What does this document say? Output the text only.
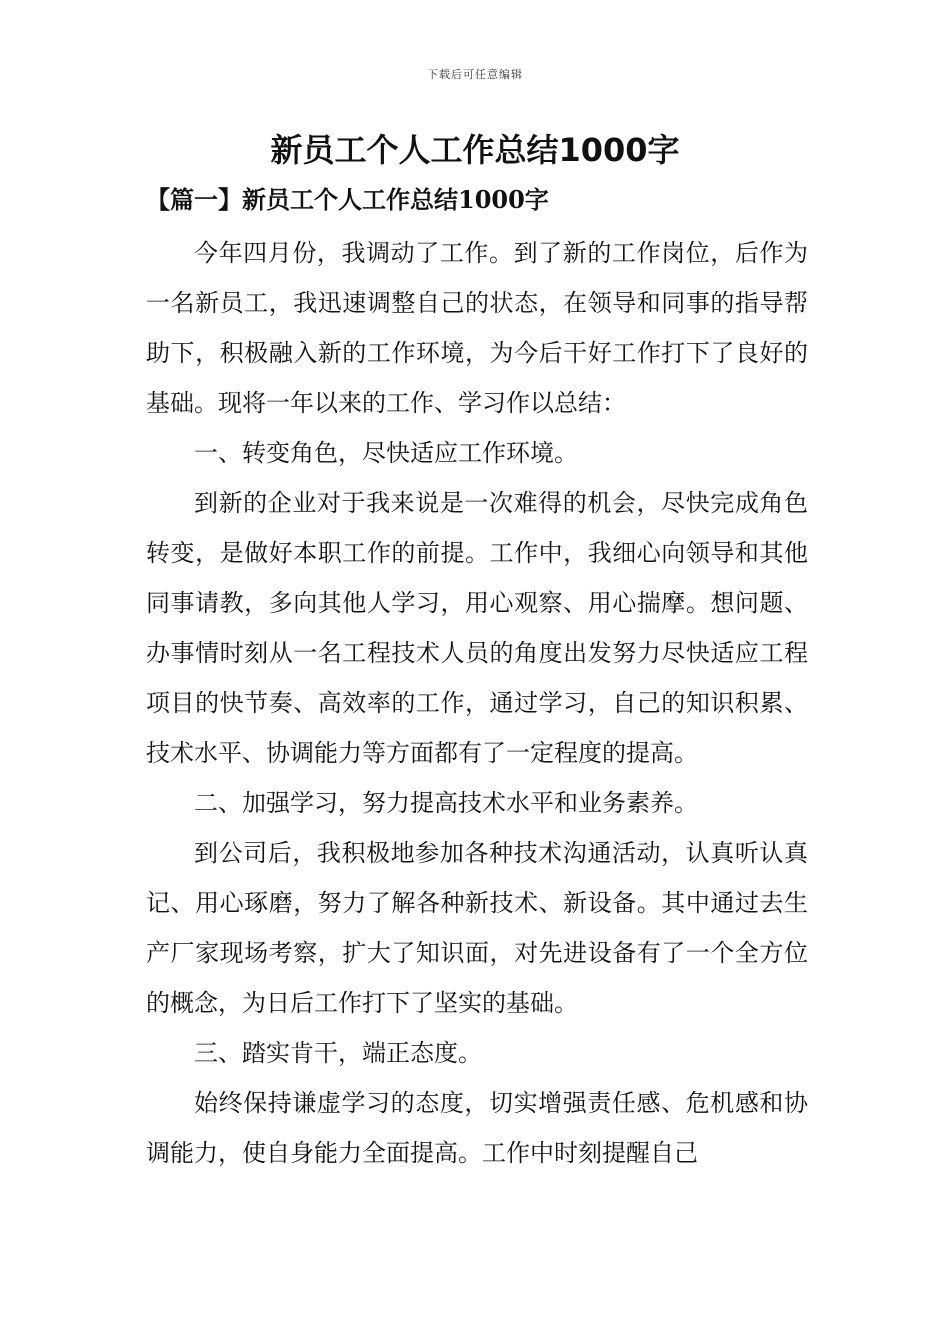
下载后可任意编辑
新员工个人工作总结1000字
【篇一】新员工个人工作总结1000字

今年四月份，我调动了工作。到了新的工作岗位，后作为一名新员工，我迅速调整自己的状态，在领导和同事的指导帮助下，积极融入新的工作环境，为今后干好工作打下了良好的基础。现将一年以来的工作、学习作以总结：

一、转变角色，尽快适应工作环境。

到新的企业对于我来说是一次难得的机会，尽快完成角色转变，是做好本职工作的前提。工作中，我细心向领导和其他同事请教，多向其他人学习，用心观察、用心揣摩。想问题、办事情时刻从一名工程技术人员的角度出发努力尽快适应工程项目的快节奏、高效率的工作，通过学习，自己的知识积累、技术水平、协调能力等方面都有了一定程度的提高。

二、加强学习，努力提高技术水平和业务素养。

到公司后，我积极地参加各种技术沟通活动，认真听认真记、用心琢磨，努力了解各种新技术、新设备。其中通过去生产厂家现场考察，扩大了知识面，对先进设备有了一个全方位的概念，为日后工作打下了坚实的基础。

三、踏实肯干，端正态度。

始终保持谦虚学习的态度，切实增强责任感、危机感和协调能力，使自身能力全面提高。工作中时刻提醒自己
